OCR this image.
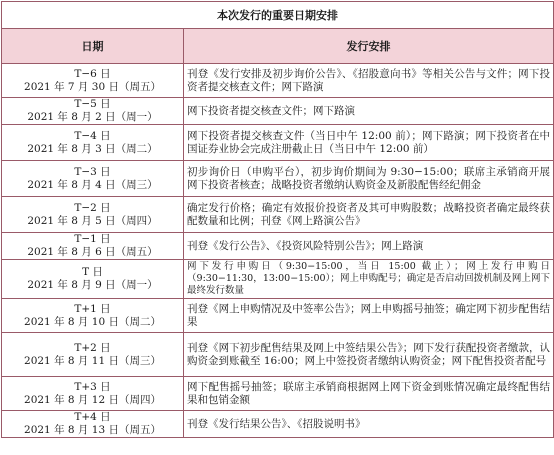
本次发行的重要日期安排	
日期	发行安排

T−6 日
2021 年 7 月 30 日（周五）	刊登《发行安排及初步询价公告》、《招股意向书》等相关公告与文件；网下投资者提交核查文件；网下路演

T−5 日
2021 年 8 月 2 日（周一）	网下投资者提交核查文件；网下路演

T−4 日
2021 年 8 月 3 日（周二）	网下投资者提交核查文件（当日中午 12:00 前）；网下路演；网下投资者在中国证券业协会完成注册截止日（当日中午 12:00 前）

T−3 日
2021 年 8 月 4 日（周三）	初步询价日（申购平台），初步询价期间为 9:30−15:00；联席主承销商开展网下投资者核查；战略投资者缴纳认购资金及新股配售经纪佣金

T−2 日
2021 年 8 月 5 日（周四）	确定发行价格；确定有效报价投资者及其可申购股数；战略投资者确定最终获配数量和比例；刊登《网上路演公告》

T−1 日
2021 年 8 月 6 日（周五）	刊登《发行公告》、《投资风险特别公告》；网上路演

T 日
2021 年 8 月 9 日（周一）	网下发行申购日（9:30−15:00，当日 15:00 截止）；网上发行申购日（9:30−11:30，13:00−15:00）；网上申购配号；确定是否启动回拨机制及网上网下最终发行数量

T+1 日
2021 年 8 月 10 日（周二）	刊登《网上申购情况及中签率公告》；网上申购摇号抽签；确定网下初步配售结果

T+2 日
2021 年 8 月 11 日（周三）	刊登《网下初步配售结果及网上中签结果公告》；网下发行获配投资者缴款，认购资金到账截至 16:00；网上中签投资者缴纳认购资金；网下配售投资者配号

T+3 日
2021 年 8 月 12 日（周四）	网下配售摇号抽签；联席主承销商根据网上网下资金到账情况确定最终配售结果和包销金额

T+4 日
2021 年 8 月 13 日（周五）	刊登《发行结果公告》、《招股说明书》
